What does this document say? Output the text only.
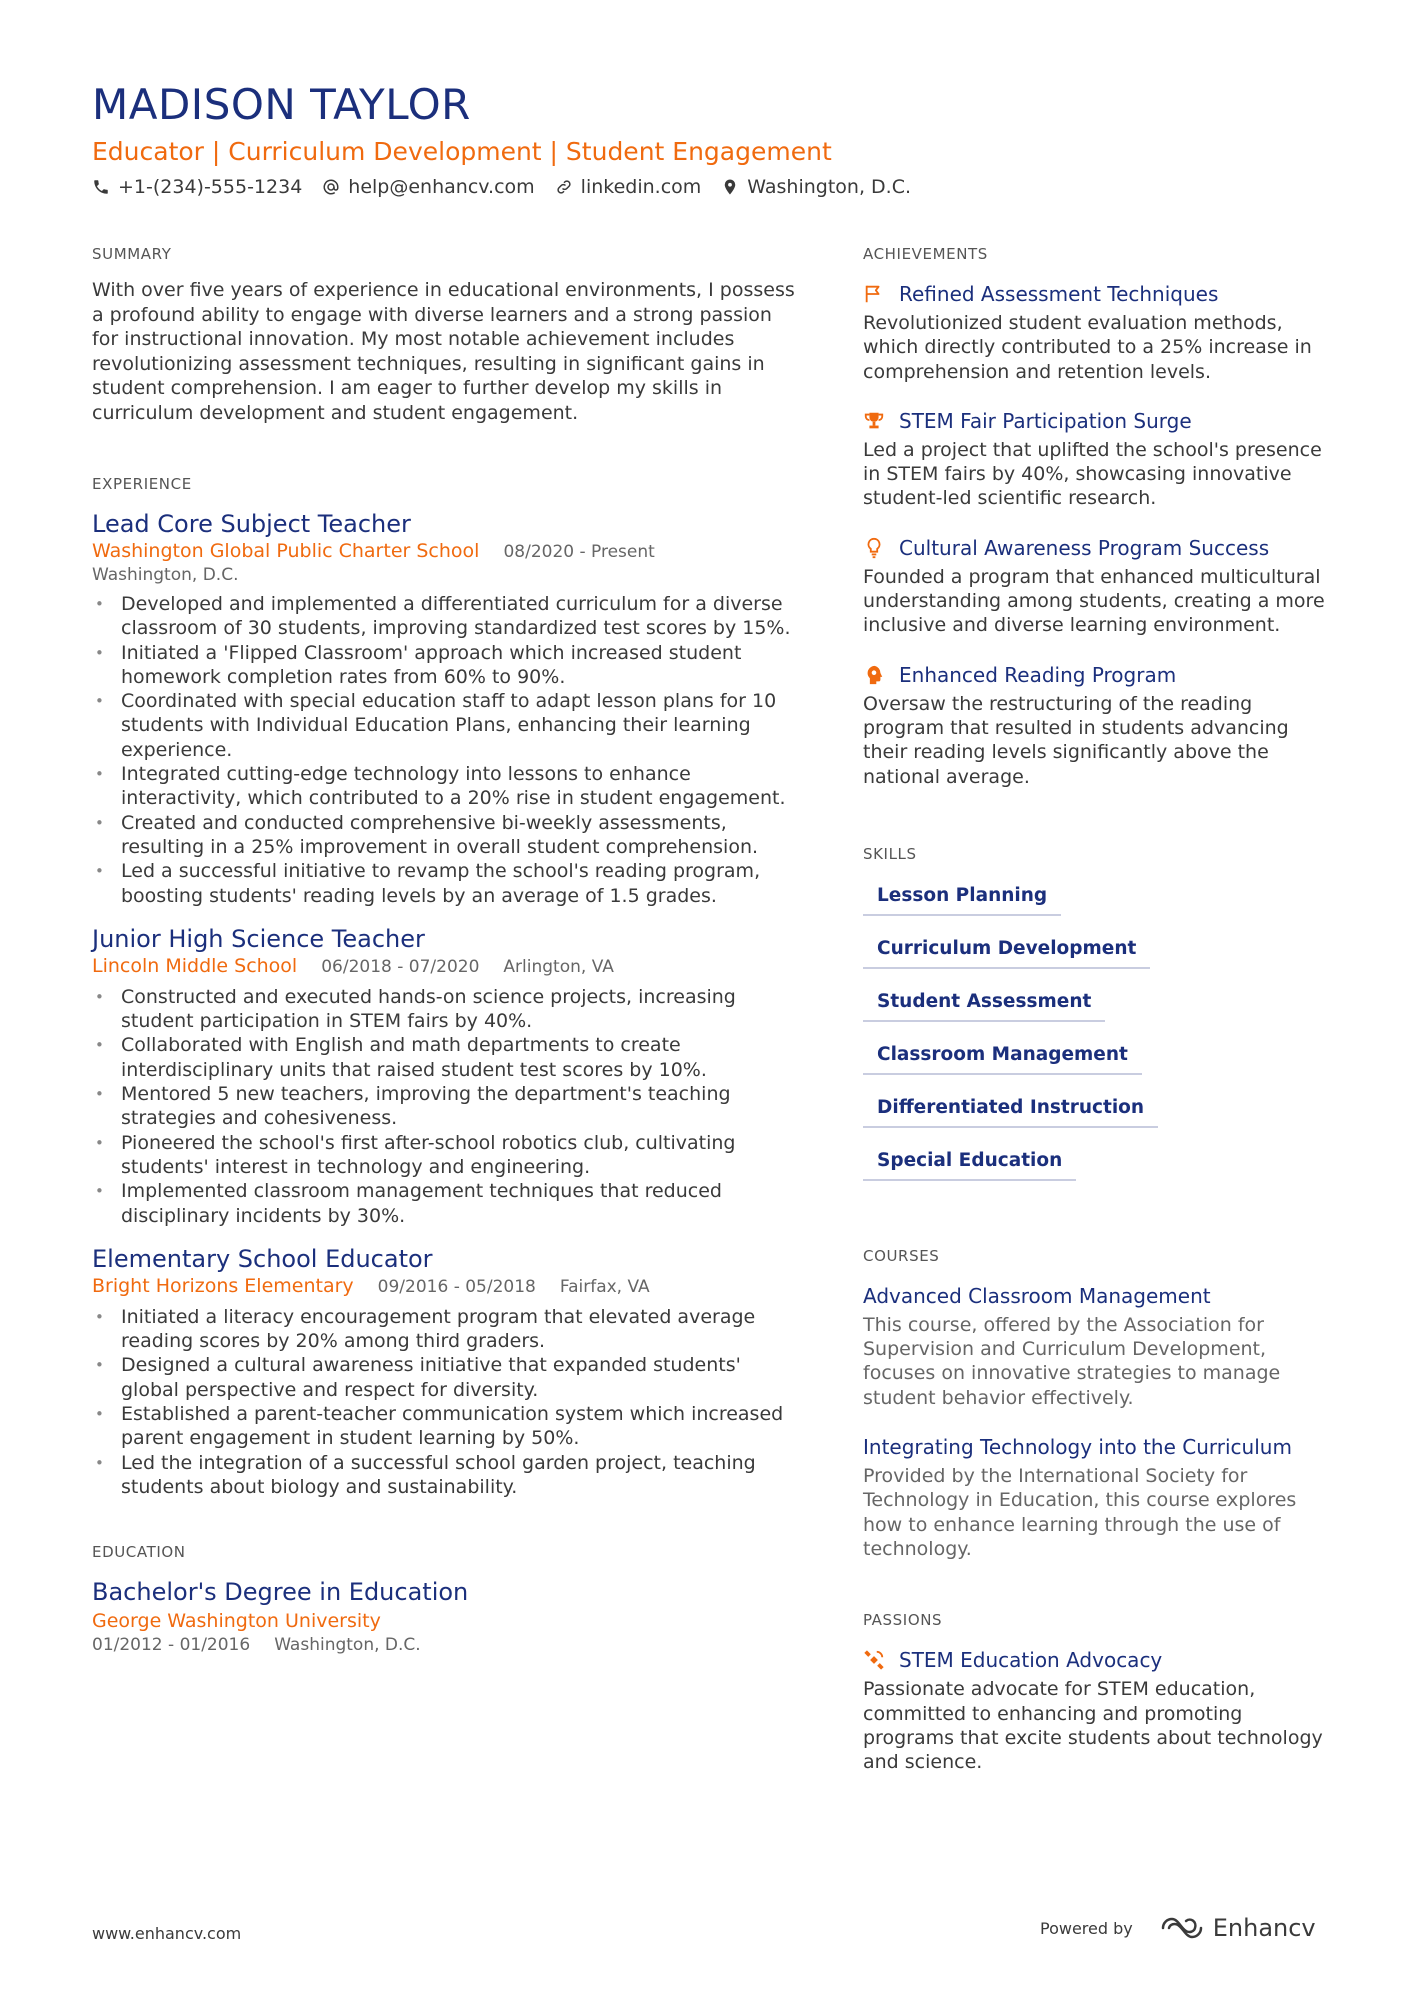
MADISON TAYLOR
Educator | Curriculum Development | Student Engagement
+1-(234)-555-1234 help@enhancv.com linkedin.com Washington, D.C.
SUMMARY

With over five years of experience in educational environments, I possess a profound ability to engage with diverse learners and a strong passion for instructional innovation. My most notable achievement includes revolutionizing assessment techniques, resulting in significant gains in student comprehension. I am eager to further develop my skills in curriculum development and student engagement.

EXPERIENCE
Lead Core Subject Teacher
Washington Global Public Charter School 08/2020 - Present
Washington, D.C.
• Developed and implemented a differentiated curriculum for a diverse classroom of 30 students, improving standardized test scores by 15%.
• Initiated a 'Flipped Classroom' approach which increased student homework completion rates from 60% to 90%.
• Coordinated with special education staff to adapt lesson plans for 10 students with Individual Education Plans, enhancing their learning experience.
• Integrated cutting-edge technology into lessons to enhance interactivity, which contributed to a 20% rise in student engagement.
• Created and conducted comprehensive bi-weekly assessments, resulting in a 25% improvement in overall student comprehension.
• Led a successful initiative to revamp the school's reading program, boosting students' reading levels by an average of 1.5 grades.
Junior High Science Teacher
Lincoln Middle School 06/2018 - 07/2020 Arlington, VA
• Constructed and executed hands-on science projects, increasing student participation in STEM fairs by 40%.
• Collaborated with English and math departments to create interdisciplinary units that raised student test scores by 10%.
• Mentored 5 new teachers, improving the department's teaching strategies and cohesiveness.
• Pioneered the school's first after-school robotics club, cultivating students' interest in technology and engineering.
• Implemented classroom management techniques that reduced disciplinary incidents by 30%.
Elementary School Educator
Bright Horizons Elementary 09/2016 - 05/2018 Fairfax, VA
• Initiated a literacy encouragement program that elevated average reading scores by 20% among third graders.
• Designed a cultural awareness initiative that expanded students' global perspective and respect for diversity.
• Established a parent-teacher communication system which increased parent engagement in student learning by 50%.
• Led the integration of a successful school garden project, teaching students about biology and sustainability.
EDUCATION
Bachelor's Degree in Education
George Washington University
01/2012 - 01/2016 Washington, D.C.
ACHIEVEMENTS
Refined Assessment Techniques
Revolutionized student evaluation methods, which directly contributed to a 25% increase in comprehension and retention levels.
STEM Fair Participation Surge
Led a project that uplifted the school's presence in STEM fairs by 40%, showcasing innovative student-led scientific research.
Cultural Awareness Program Success
Founded a program that enhanced multicultural understanding among students, creating a more inclusive and diverse learning environment.
Enhanced Reading Program
Oversaw the restructuring of the reading program that resulted in students advancing their reading levels significantly above the national average.
SKILLS
Lesson Planning
Curriculum Development
Student Assessment
Classroom Management
Differentiated Instruction
Special Education
COURSES
Advanced Classroom Management
This course, offered by the Association for Supervision and Curriculum Development, focuses on innovative strategies to manage student behavior effectively.
Integrating Technology into the Curriculum
Provided by the International Society for Technology in Education, this course explores how to enhance learning through the use of technology.
PASSIONS
STEM Education Advocacy
Passionate advocate for STEM education, committed to enhancing and promoting programs that excite students about technology and science.
www.enhancv.com	Powered by	Enhancv
